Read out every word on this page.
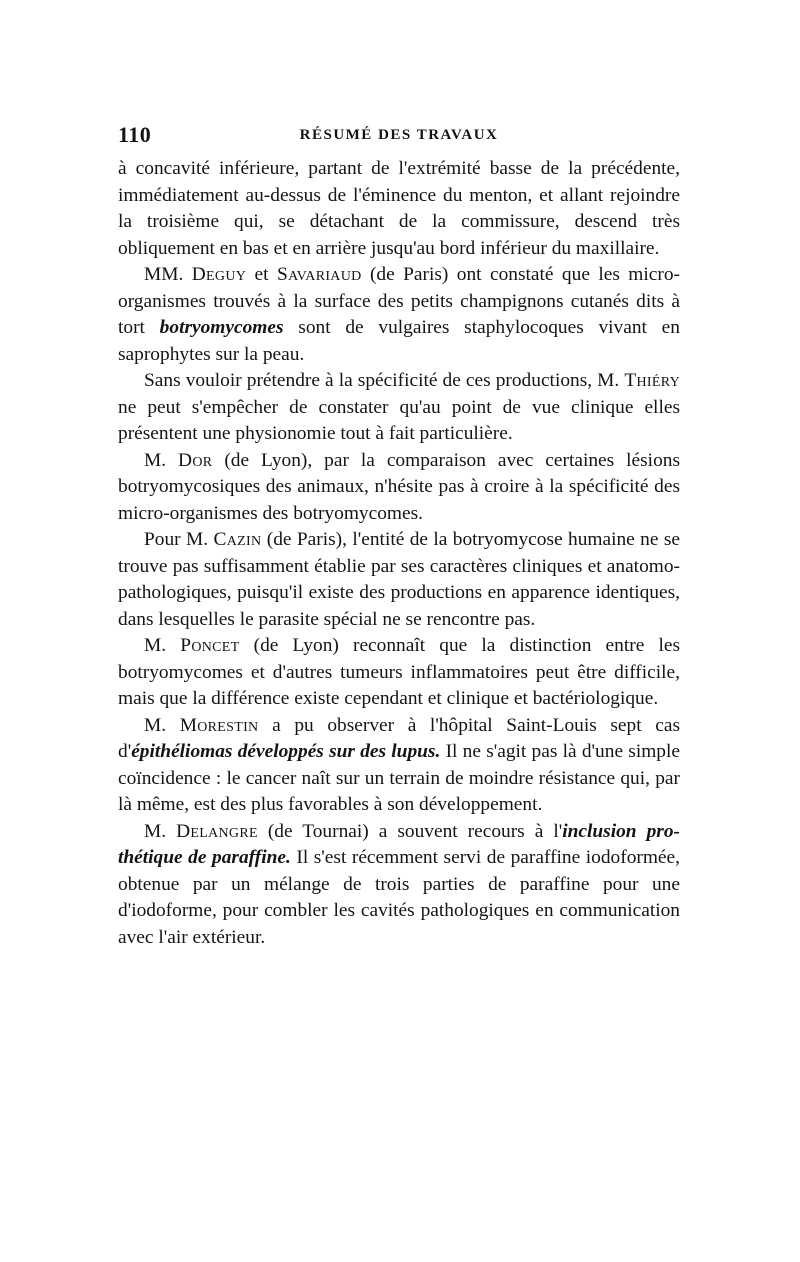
110	RÉSUMÉ DES TRAVAUX

à concavité inférieure, partant de l'extrémité basse de la précédente, immédiatement au-dessus de l'éminence du menton, et allant rejoindre la troisième qui, se détachant de la commissure, descend très obliquement en bas et en arrière jusqu'au bord inférieur du maxillaire.

MM. Deguy et Savariaud (de Paris) ont constaté que les micro-organismes trouvés à la surface des petits champignons cutanés dits à tort botryomycomes sont de vulgaires staphylocoques vivant en saprophytes sur la peau.

Sans vouloir prétendre à la spécificité de ces productions, M. Thiéry ne peut s'empêcher de constater qu'au point de vue clinique elles présentent une physionomie tout à fait particulière.

M. Dor (de Lyon), par la comparaison avec certaines lésions botryomycosiques des animaux, n'hésite pas à croire à la spécificité des micro-organismes des botryomycomes.

Pour M. Cazin (de Paris), l'entité de la botryomycose humaine ne se trouve pas suffisamment établie par ses caractères cliniques et anatomo-pathologiques, puisqu'il existe des productions en apparence identiques, dans lesquelles le parasite spécial ne se rencontre pas.

M. Poncet (de Lyon) reconnaît que la distinction entre les botryomycomes et d'autres tumeurs inflammatoires peut être difficile, mais que la différence existe cependant et clinique et bactériologique.

M. Morestin a pu observer à l'hôpital Saint-Louis sept cas d'épithéliomas développés sur des lupus. Il ne s'agit pas là d'une simple coïncidence : le cancer naît sur un terrain de moindre résistance qui, par là même, est des plus favorables à son développement.

M. Delangre (de Tournai) a souvent recours à l'inclusion prothétique de paraffine. Il s'est récemment servi de paraffine iodoformée, obtenue par un mélange de trois parties de paraffine pour une d'iodoforme, pour combler les cavités pathologiques en communication avec l'air extérieur.
